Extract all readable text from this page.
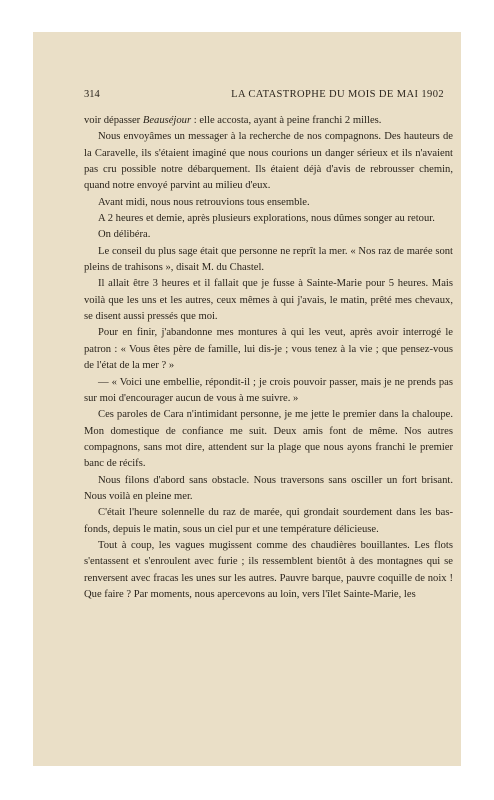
314	LA CATASTROPHE DU MOIS DE MAI 1902

voir dépasser Beauséjour : elle accosta, ayant à peine franchi 2 milles.

Nous envoyâmes un messager à la recherche de nos compagnons. Des hauteurs de la Caravelle, ils s'étaient imaginé que nous courions un danger sérieux et ils n'avaient pas cru possible notre débarquement. Ils étaient déjà d'avis de rebrousser chemin, quand notre envoyé parvint au milieu d'eux.

Avant midi, nous nous retrouvions tous ensemble.

A 2 heures et demie, après plusieurs explorations, nous dûmes songer au retour.

On délibéra.

Le conseil du plus sage était que personne ne reprît la mer. « Nos raz de marée sont pleins de trahisons », disait M. du Chastel.

Il allait être 3 heures et il fallait que je fusse à Sainte-Marie pour 5 heures. Mais voilà que les uns et les autres, ceux mêmes à qui j'avais, le matin, prêté mes chevaux, se disent aussi pressés que moi.

Pour en finir, j'abandonne mes montures à qui les veut, après avoir interrogé le patron : « Vous êtes père de famille, lui dis-je ; vous tenez à la vie ; que pensez-vous de l'état de la mer ? »

— « Voici une embellie, répondit-il ; je crois pouvoir passer, mais je ne prends pas sur moi d'encourager aucun de vous à me suivre. »

Ces paroles de Cara n'intimidant personne, je me jette le premier dans la chaloupe. Mon domestique de confiance me suit. Deux amis font de même. Nos autres compagnons, sans mot dire, attendent sur la plage que nous ayons franchi le premier banc de récifs.

Nous filons d'abord sans obstacle. Nous traversons sans osciller un fort brisant. Nous voilà en pleine mer.

C'était l'heure solennelle du raz de marée, qui grondait sourdement dans les bas-fonds, depuis le matin, sous un ciel pur et une température délicieuse.

Tout à coup, les vagues mugissent comme des chaudières bouillantes. Les flots s'entassent et s'enroulent avec furie ; ils ressemblent bientôt à des montagnes qui se renversent avec fracas les unes sur les autres. Pauvre barque, pauvre coquille de noix ! Que faire ? Par moments, nous apercevons au loin, vers l'îlet Sainte-Marie, les
